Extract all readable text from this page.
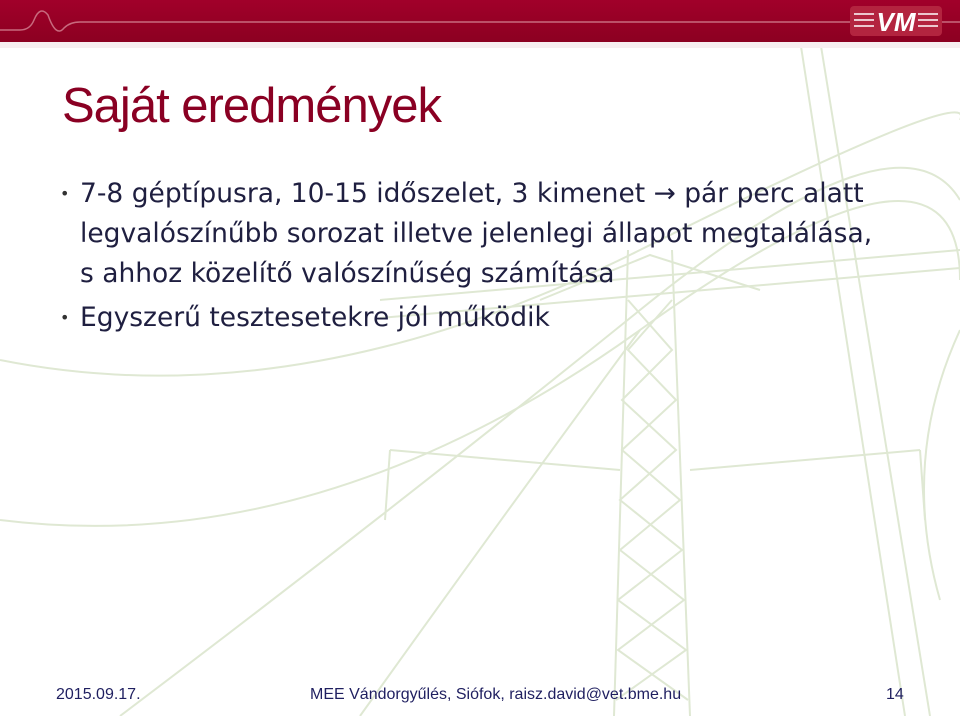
VM
Saját eredmények
• 7-8 géptípusra, 10-15 időszelet, 3 kimenet → pár perc alatt legvalószínűbb sorozat illetve jelenlegi állapot megtalálása, s ahhoz közelítő valószínűség számítása
• Egyszerű tesztesetekre jól működik
2015.09.17.	MEE Vándorgyűlés, Siófok, raisz.david@vet.bme.hu	14
